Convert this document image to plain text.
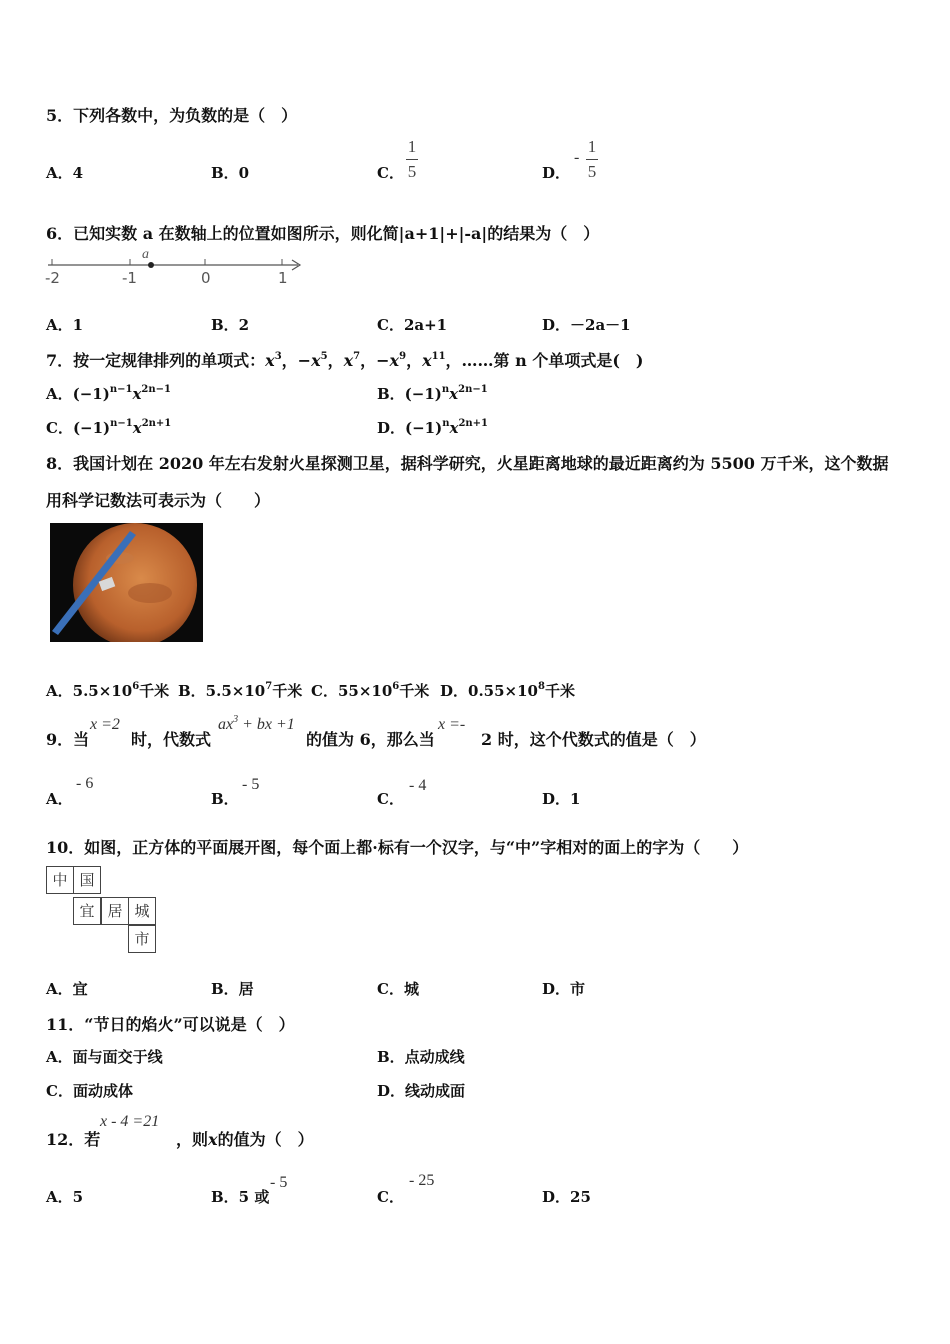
5．下列各数中，为负数的是（　）
A．4	B．0	C．
1
5	D．
-
1
5
6．已知实数 a 在数轴上的位置如图所示，则化简|a+1|+|-a|的结果为（　）
-2	-1	0	1
a
A．1	B．2	C．2a+1	D．－2a－1
7．按一定规律排列的单项式：$x^3$，$-x^5$，$x^7$，$-x^9$，$x^{11}$，……第 n 个单项式是(　)
A．$(-1)^{n-1}x^{2n-1}$	B．$(-1)^nx^{2n-1}$
C．$(-1)^{n-1}x^{2n+1}$	D．$(-1)^nx^{2n+1}$
8．我国计划在 2020 年左右发射火星探测卫星，据科学研究，火星距离地球的最近距离约为 5500 万千米，这个数据
用科学记数法可表示为（　　）
A．$5.5\times 10^6$千米 B．$5.5\times 10^7$千米 C．$55\times 10^6$千米 D．$0.55\times 10^8$千米
9．当
x =2
时，代数式
$ax^3$ + bx +1
的值为 6，那么当
x =-
2 时，这个代数式的值是（　）
A．
- 6
B．
- 5
C．
- 4
D．1
10．如图，正方体的平面展开图，每个面上都·标有一个汉字，与“中”字相对的面上的字为（　　）
中 国
宜 居 城
市
A．宜	B．居	C．城	D．市
11．“节日的焰火”可以说是（　）
A．面与面交于线	B．点动成线
C．面动成体	D．线动成面
12．若
x - 4 =21
，则x的值为（　）
A．5	B．5 或
- 5
C．
- 25
D．25
